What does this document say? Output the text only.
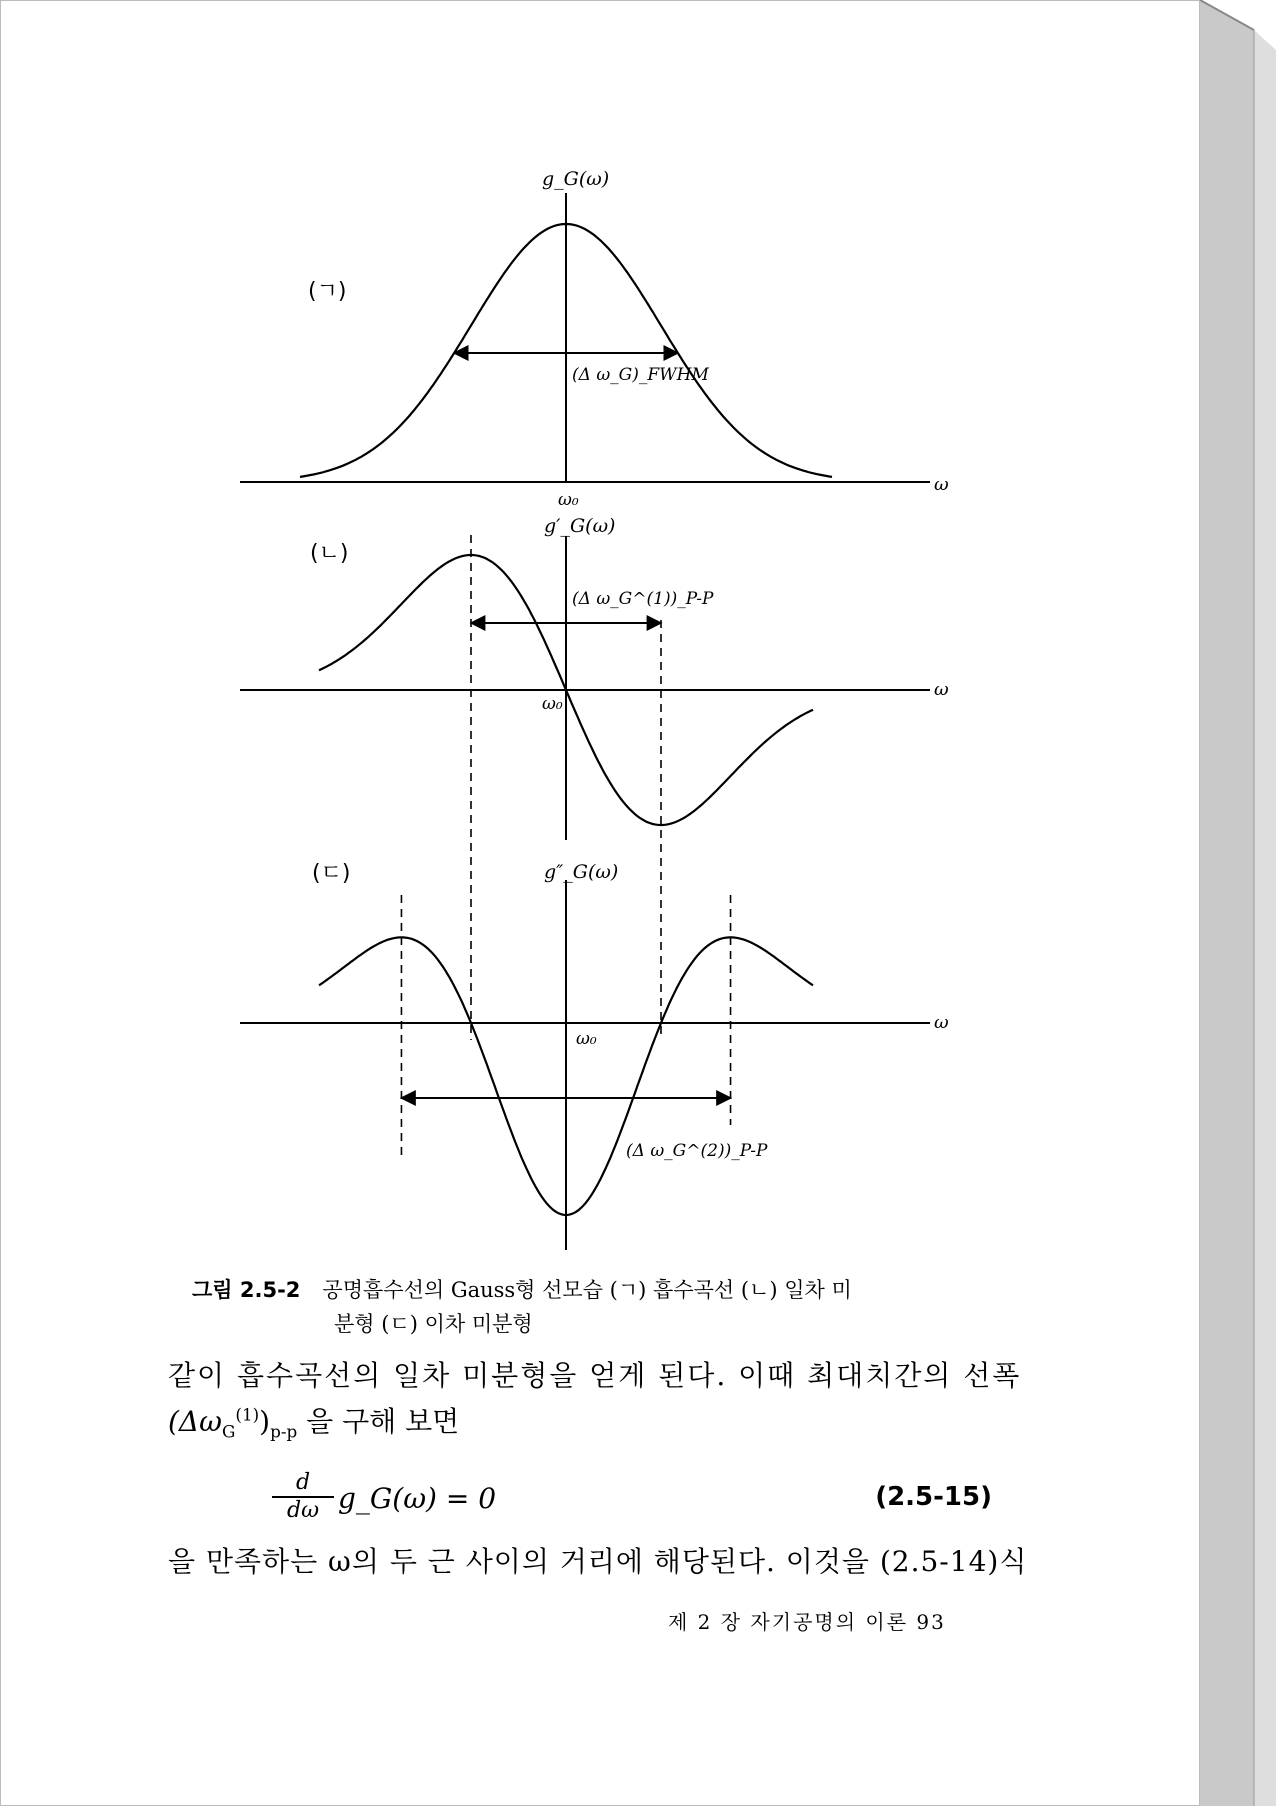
(ㄱ)
(ㄴ)
(ㄷ)
g_G(ω)
g′_G(ω)
g″_G(ω)
ω
ω
ω
ω₀
ω₀
ω₀
(Δ ω_G)_FWHM
(Δ ω_G^(1))_P-P
(Δ ω_G^(2))_P-P
그림 2.5-2 공명흡수선의 Gauss형 선모습 (ㄱ) 흡수곡선 (ㄴ) 일차 미
분형 (ㄷ) 이차 미분형
같이 흡수곡선의 일차 미분형을 얻게 된다. 이때 최대치간의 선폭
$(\Delta\omega_G^{(1)})_{p-p}$ 을 구해 보면
$\frac{d}{d\omega}$ g_G(ω) = 0	(2.5-15)
을 만족하는 ω의 두 근 사이의 거리에 해당된다. 이것을 (2.5-14)식
제 2 장 자기공명의 이론 93
